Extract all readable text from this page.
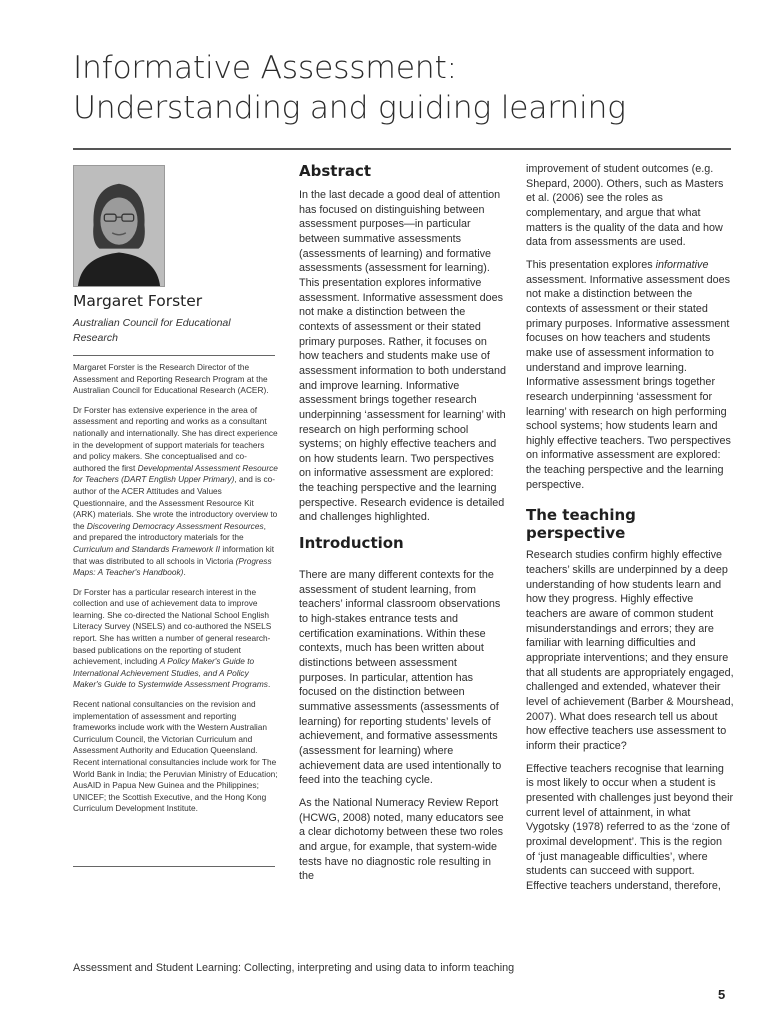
Informative Assessment:
Understanding and guiding learning
Margaret Forster
Australian Council for Educational Research

Margaret Forster is the Research Director of the Assessment and Reporting Research Program at the Australian Council for Educational Research (ACER).

Dr Forster has extensive experience in the area of assessment and reporting and works as a consultant nationally and internationally. She has direct experience in the development of support materials for teachers and policy makers. She conceptualised and co-authored the first Developmental Assessment Resource for Teachers (DART English Upper Primary), and is co-author of the ACER Attitudes and Values Questionnaire, and the Assessment Resource Kit (ARK) materials. She wrote the introductory overview to the Discovering Democracy Assessment Resources, and prepared the introductory materials for the Curriculum and Standards Framework II information kit that was distributed to all schools in Victoria (Progress Maps: A Teacher's Handbook).

Dr Forster has a particular research interest in the collection and use of achievement data to improve learning. She co-directed the National School English Literacy Survey (NSELS) and co-authored the NSELS report. She has written a number of general research-based publications on the reporting of student achievement, including A Policy Maker's Guide to International Achievement Studies, and A Policy Maker's Guide to Systemwide Assessment Programs.

Recent national consultancies on the revision and implementation of assessment and reporting frameworks include work with the Western Australian Curriculum Council, the Victorian Curriculum and Assessment Authority and Education Queensland. Recent international consultancies include work for The World Bank in India; the Peruvian Ministry of Education; AusAID in Papua New Guinea and the Philippines; UNICEF; the Scottish Executive, and the Hong Kong Curriculum Development Institute.

Abstract

In the last decade a good deal of attention has focused on distinguishing between assessment purposes—in particular between summative assessments (assessments of learning) and formative assessments (assessment for learning). This presentation explores informative assessment. Informative assessment does not make a distinction between the contexts of assessment or their stated primary purposes. Rather, it focuses on how teachers and students make use of assessment information to both understand and improve learning. Informative assessment brings together research underpinning ‘assessment for learning’ with research on high performing school systems; on highly effective teachers and on how students learn. Two perspectives on informative assessment are explored: the teaching perspective and the learning perspective. Research evidence is detailed and challenges highlighted.

Introduction

There are many different contexts for the assessment of student learning, from teachers’ informal classroom observations to high-stakes entrance tests and certification examinations. Within these contexts, much has been written about distinctions between assessment purposes. In particular, attention has focused on the distinction between summative assessments (assessments of learning) for reporting students’ levels of achievement, and formative assessments (assessment for learning) where achievement data are used intentionally to feed into the teaching cycle.

As the National Numeracy Review Report (HCWG, 2008) noted, many educators see a clear dichotomy between these two roles and argue, for example, that system-wide tests have no diagnostic role resulting in the

improvement of student outcomes (e.g. Shepard, 2000). Others, such as Masters et al. (2006) see the roles as complementary, and argue that what matters is the quality of the data and how data from assessments are used.

This presentation explores informative assessment. Informative assessment does not make a distinction between the contexts of assessment or their stated primary purposes. Informative assessment focuses on how teachers and students make use of assessment information to understand and improve learning. Informative assessment brings together research underpinning ‘assessment for learning’ with research on high performing school systems; how students learn and highly effective teachers. Two perspectives on informative assessment are explored: the teaching perspective and the learning perspective.

The teaching perspective

Research studies confirm highly effective teachers’ skills are underpinned by a deep understanding of how students learn and how they progress. Highly effective teachers are aware of common student misunderstandings and errors; they are familiar with learning difficulties and appropriate interventions; and they ensure that all students are appropriately engaged, challenged and extended, whatever their level of achievement (Barber & Mourshead, 2007). What does research tell us about how effective teachers use assessment to inform their practice?

Effective teachers recognise that learning is most likely to occur when a student is presented with challenges just beyond their current level of attainment, in what Vygotsky (1978) referred to as the ‘zone of proximal development’. This is the region of ‘just manageable difficulties’, where students can succeed with support. Effective teachers understand, therefore,

Assessment and Student Learning: Collecting, interpreting and using data to inform teaching
5
